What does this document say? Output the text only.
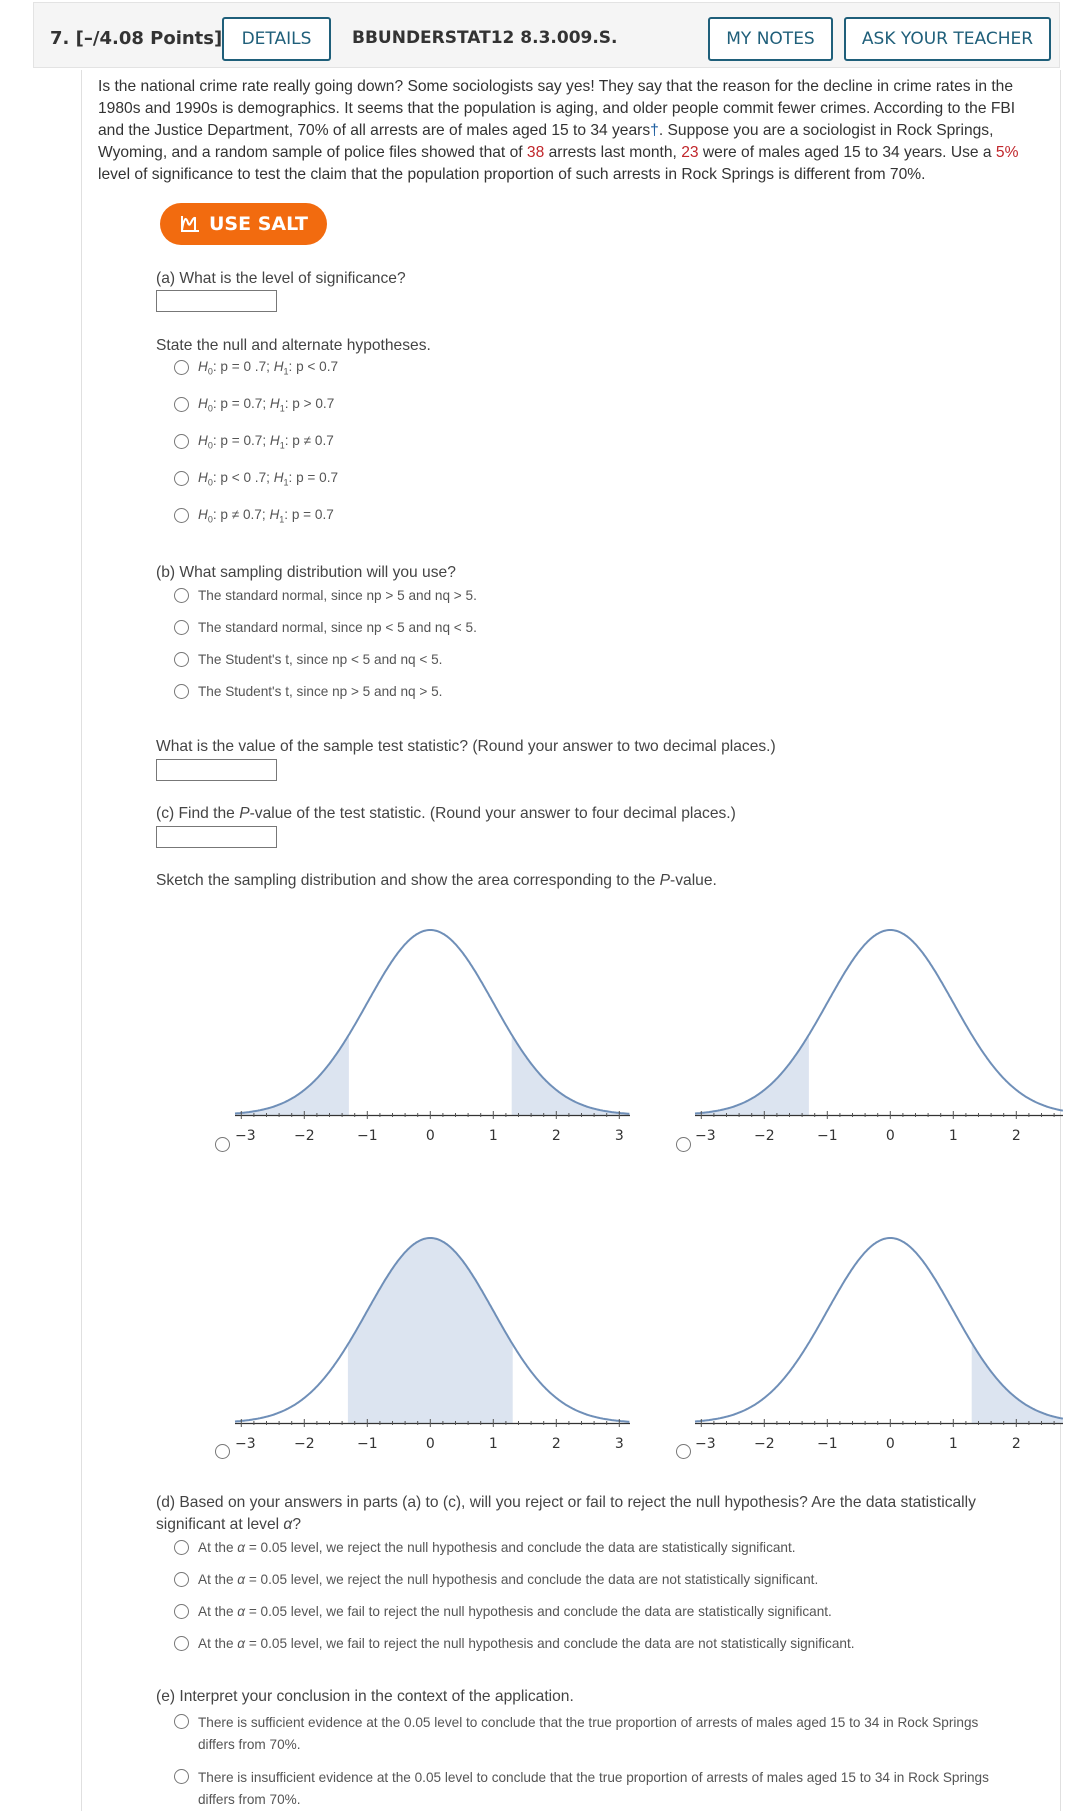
7. [–/4.08 Points]	DETAILS	BBUNDERSTAT12 8.3.009.S.	MY NOTES	ASK YOUR TEACHER
Is the national crime rate really going down? Some sociologists say yes! They say that the reason for the decline in crime rates in the 1980s and 1990s is demographics. It seems that the population is aging, and older people commit fewer crimes. According to the FBI and the Justice Department, 70% of all arrests are of males aged 15 to 34 years†. Suppose you are a sociologist in Rock Springs, Wyoming, and a random sample of police files showed that of 38 arrests last month, 23 were of males aged 15 to 34 years. Use a 5% level of significance to test the claim that the population proportion of such arrests in Rock Springs is different from 70%.
USE SALT
(a) What is the level of significance?
State the null and alternate hypotheses.
$H_0$: p = 0 .7; $H_1$: p < 0.7
$H_0$: p = 0.7; $H_1$: p > 0.7
$H_0$: p = 0.7; $H_1$: p ≠ 0.7
$H_0$: p < 0 .7; $H_1$: p = 0.7
$H_0$: p ≠ 0.7; $H_1$: p = 0.7
(b) What sampling distribution will you use?
The standard normal, since np > 5 and nq > 5.
The standard normal, since np < 5 and nq < 5.
The Student's t, since np < 5 and nq < 5.
The Student's t, since np > 5 and nq > 5.
What is the value of the sample test statistic? (Round your answer to two decimal places.)
(c) Find the P-value of the test statistic. (Round your answer to four decimal places.)
Sketch the sampling distribution and show the area corresponding to the P-value.
−3	−2	−1	0	1	2	3	−3	−2	−1	0	1	2
−3	−2	−1	0	1	2	3	−3	−2	−1	0	1	2
(d) Based on your answers in parts (a) to (c), will you reject or fail to reject the null hypothesis? Are the data statistically
significant at level α?
At the α = 0.05 level, we reject the null hypothesis and conclude the data are statistically significant.
At the α = 0.05 level, we reject the null hypothesis and conclude the data are not statistically significant.
At the α = 0.05 level, we fail to reject the null hypothesis and conclude the data are statistically significant.
At the α = 0.05 level, we fail to reject the null hypothesis and conclude the data are not statistically significant.
(e) Interpret your conclusion in the context of the application.
There is sufficient evidence at the 0.05 level to conclude that the true proportion of arrests of males aged 15 to 34 in Rock Springs
differs from 70%.
There is insufficient evidence at the 0.05 level to conclude that the true proportion of arrests of males aged 15 to 34 in Rock Springs
differs from 70%.
